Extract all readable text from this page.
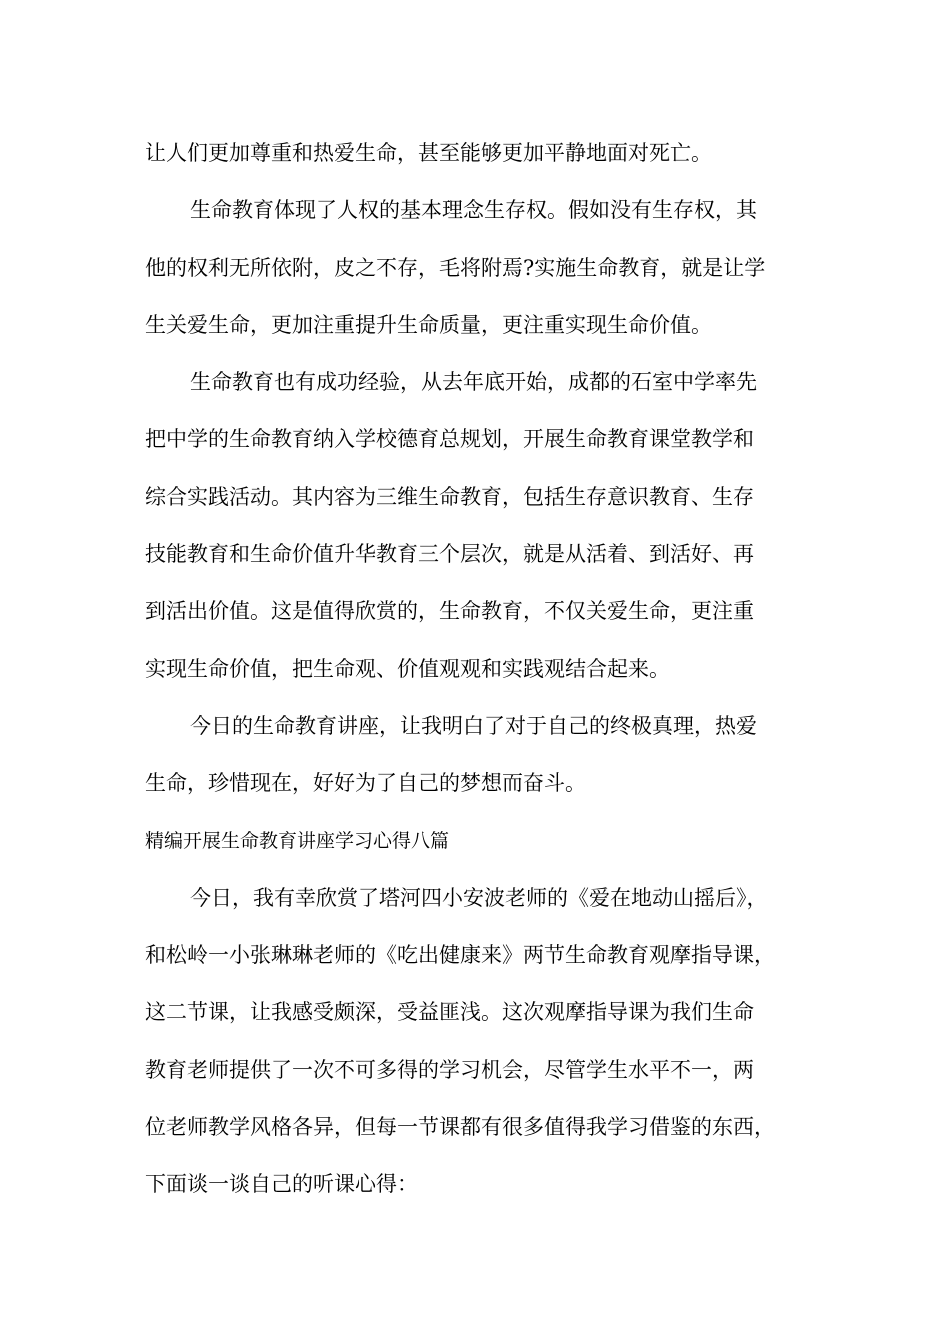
让人们更加尊重和热爱生命，甚至能够更加平静地面对死亡。
生命教育体现了人权的基本理念生存权。假如没有生存权，其
他的权利无所依附，皮之不存，毛将附焉?实施生命教育，就是让学
生关爱生命，更加注重提升生命质量，更注重实现生命价值。
生命教育也有成功经验，从去年底开始，成都的石室中学率先
把中学的生命教育纳入学校德育总规划，开展生命教育课堂教学和
综合实践活动。其内容为三维生命教育，包括生存意识教育、生存
技能教育和生命价值升华教育三个层次，就是从活着、到活好、再
到活出价值。这是值得欣赏的，生命教育，不仅关爱生命，更注重
实现生命价值，把生命观、价值观观和实践观结合起来。
今日的生命教育讲座，让我明白了对于自己的终极真理，热爱
生命，珍惜现在，好好为了自己的梦想而奋斗。
精编开展生命教育讲座学习心得八篇
今日，我有幸欣赏了塔河四小安波老师的《爱在地动山摇后》，
和松岭一小张琳琳老师的《吃出健康来》两节生命教育观摩指导课，
这二节课，让我感受颇深，受益匪浅。这次观摩指导课为我们生命
教育老师提供了一次不可多得的学习机会，尽管学生水平不一，两
位老师教学风格各异，但每一节课都有很多值得我学习借鉴的东西，
下面谈一谈自己的听课心得：
